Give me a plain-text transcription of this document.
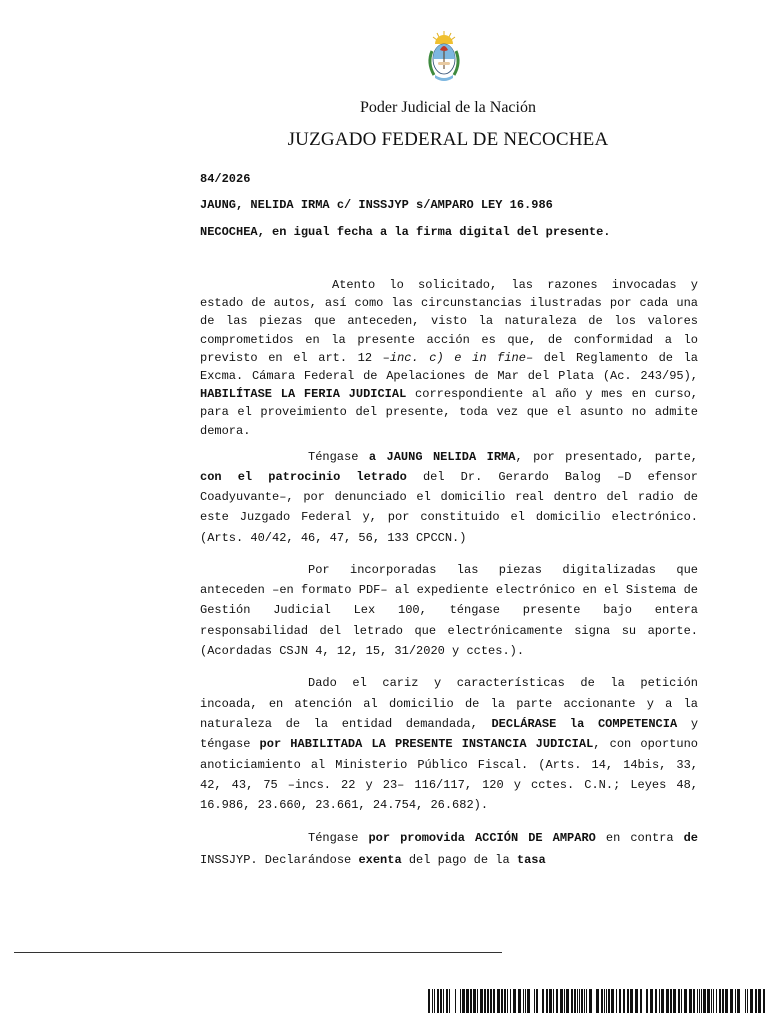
Poder Judicial de la Nación
JUZGADO FEDERAL DE NECOCHEA
84/2026
JAUNG, NELIDA IRMA c/ INSSJYP s/AMPARO LEY 16.986
NECOCHEA, en igual fecha a la firma digital del presente.

Atento lo solicitado, las razones invocadas y estado de autos, así como las circunstancias ilustradas por cada una de las piezas que anteceden, visto la naturaleza de los valores comprometidos en la presente acción es que, de conformidad a lo previsto en el art. 12 –inc. c) e in fine– del Reglamento de la Excma. Cámara Federal de Apelaciones de Mar del Plata (Ac. 243/95), HABILÍTASE LA FERIA JUDICIAL correspondiente al año y mes en curso, para el proveimiento del presente, toda vez que el asunto no admite demora.

Téngase a JAUNG NELIDA IRMA, por presentado, parte, con el patrocinio letrado del Dr. Gerardo Balog –D efensor Coadyuvante–, por denunciado el domicilio real dentro del radio de este Juzgado Federal y, por constituido el domicilio electrónico. (Arts. 40/42, 46, 47, 56, 133 CPCCN.)

Por incorporadas las piezas digitalizadas que anteceden –en formato PDF– al expediente electrónico en el Sistema de Gestión Judicial Lex 100, téngase presente bajo entera responsabilidad del letrado que electrónicamente signa su aporte. (Acordadas CSJN 4, 12, 15, 31/2020 y cctes.).

Dado el cariz y características de la petición incoada, en atención al domicilio de la parte accionante y a la naturaleza de la entidad demandada, DECLÁRASE la COMPETENCIA y téngase por HABILITADA LA PRESENTE INSTANCIA JUDICIAL, con oportuno anoticiamiento al Ministerio Público Fiscal. (Arts. 14, 14bis, 33, 42, 43, 75 –incs. 22 y 23– 116/117, 120 y cctes. C.N.; Leyes 48, 16.986, 23.660, 23.661, 24.754, 26.682).

Téngase por promovida ACCIÓN DE AMPARO en contra de INSSJYP. Declarándose exenta del pago de la tasa
